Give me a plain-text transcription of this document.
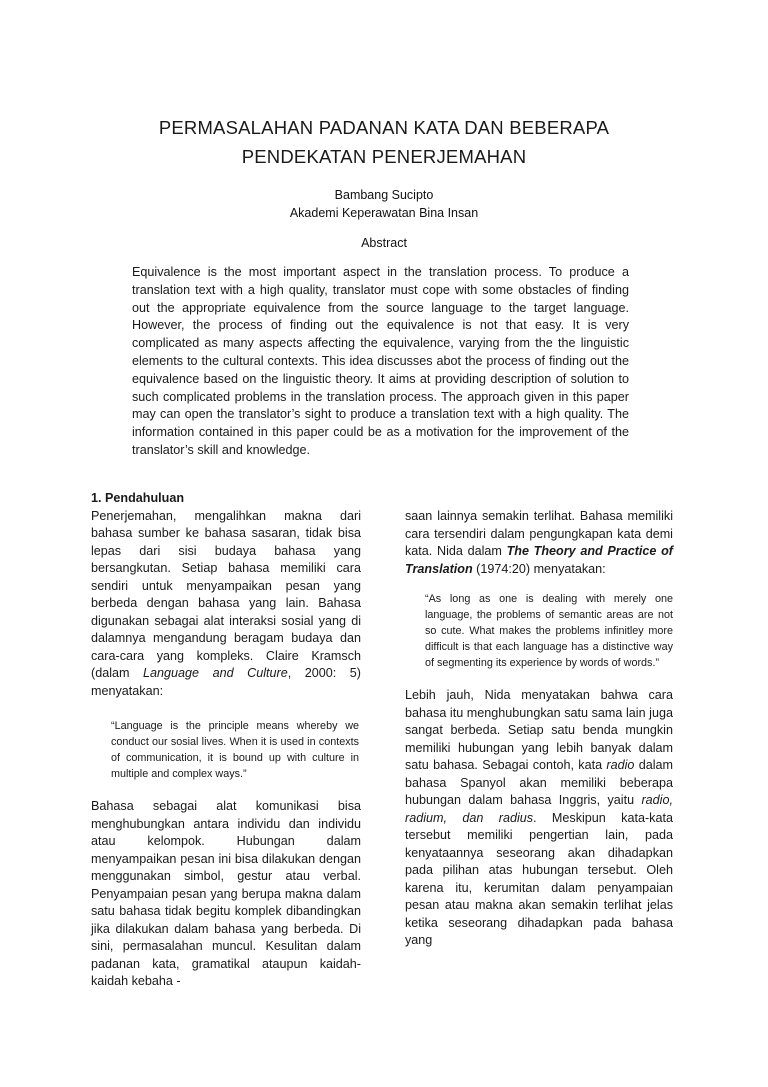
PERMASALAHAN PADANAN KATA DAN BEBERAPA
PENDEKATAN PENERJEMAHAN
Bambang Sucipto
Akademi Keperawatan Bina Insan
Abstract
Equivalence is the most important aspect in the translation process. To produce a translation text with a high quality, translator must cope with some obstacles of finding out the appropriate equivalence from the source language to the target language. However, the process of finding out the equivalence is not that easy. It is very complicated as many aspects affecting the equivalence, varying from the the linguistic elements to the cultural contexts. This idea discusses abot the process of finding out the equivalence based on the linguistic theory. It aims at providing description of solution to such complicated problems in the translation process. The approach given in this paper may can open the translator’s sight to produce a translation text with a high quality. The information contained in this paper could be as a motivation for the improvement of the translator’s skill and knowledge.

1. Pendahuluan

Penerjemahan, mengalihkan makna dari bahasa sumber ke bahasa sasaran, tidak bisa lepas dari sisi budaya bahasa yang bersangkutan. Setiap bahasa memiliki cara sendiri untuk menyampaikan pesan yang berbeda dengan bahasa yang lain. Bahasa digunakan sebagai alat interaksi sosial yang di dalamnya mengandung beragam budaya dan cara-cara yang kompleks. Claire Kramsch (dalam Language and Culture, 2000: 5) menyatakan:

“Language is the principle means whereby we conduct our sosial lives. When it is used in contexts of communication, it is bound up with culture in multiple and complex ways.”

Bahasa sebagai alat komunikasi bisa menghubungkan antara individu dan individu atau kelompok. Hubungan dalam menyampaikan pesan ini bisa dilakukan dengan menggunakan simbol, gestur atau verbal. Penyampaian pesan yang berupa makna dalam satu bahasa tidak begitu komplek dibandingkan jika dilakukan dalam bahasa yang berbeda. Di sini, permasalahan muncul. Kesulitan dalam padanan kata, gramatikal ataupun kaidah-kaidah kebaha -

saan lainnya semakin terlihat. Bahasa memiliki cara tersendiri dalam pengungkapan kata demi kata. Nida dalam The Theory and Practice of Translation (1974:20) menyatakan:

“As long as one is dealing with merely one language, the problems of semantic areas are not so cute. What makes the problems infinitley more difficult is that each language has a distinctive way of segmenting its experience by words of words.”

Lebih jauh, Nida menyatakan bahwa cara bahasa itu menghubungkan satu sama lain juga sangat berbeda. Setiap satu benda mungkin memiliki hubungan yang lebih banyak dalam satu bahasa. Sebagai contoh, kata radio dalam bahasa Spanyol akan memiliki beberapa hubungan dalam bahasa Inggris, yaitu radio, radium, dan radius. Meskipun kata-kata tersebut memiliki pengertian lain, pada kenyataannya seseorang akan dihadapkan pada pilihan atas hubungan tersebut. Oleh karena itu, kerumitan dalam penyampaian pesan atau makna akan semakin terlihat jelas ketika seseorang dihadapkan pada bahasa yang
